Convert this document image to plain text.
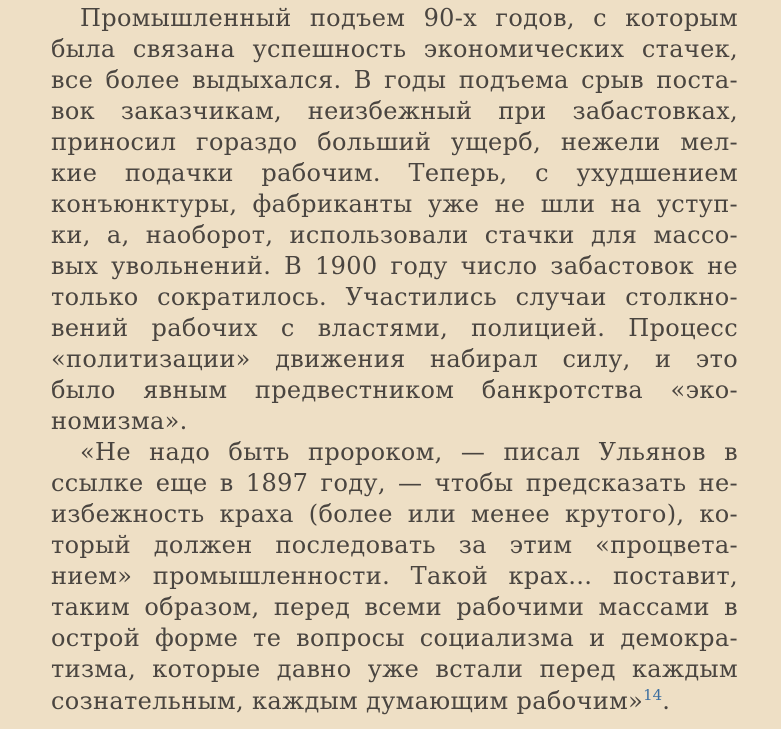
Промышленный подъем 90-х годов, с которым
была связана успешность экономических стачек,
все более выдыхался. В годы подъема срыв поста-
вок заказчикам, неизбежный при забастовках,
приносил гораздо больший ущерб, нежели мел-
кие подачки рабочим. Теперь, с ухудшением
конъюнктуры, фабриканты уже не шли на уступ-
ки, а, наоборот, использовали стачки для массо-
вых увольнений. В 1900 году число забастовок не
только сократилось. Участились случаи столкно-
вений рабочих с властями, полицией. Процесс
«политизации» движения набирал силу, и это
было явным предвестником банкротства «эко-
номизма».
«Не надо быть пророком, — писал Ульянов в
ссылке еще в 1897 году, — чтобы предсказать не-
избежность краха (более или менее крутого), ко-
торый должен последовать за этим «процвета-
нием» промышленности. Такой крах… поставит,
таким образом, перед всеми рабочими массами в
острой форме те вопросы социализма и демокра-
тизма, которые давно уже встали перед каждым
сознательным, каждым думающим рабочим»$^{14}$.
